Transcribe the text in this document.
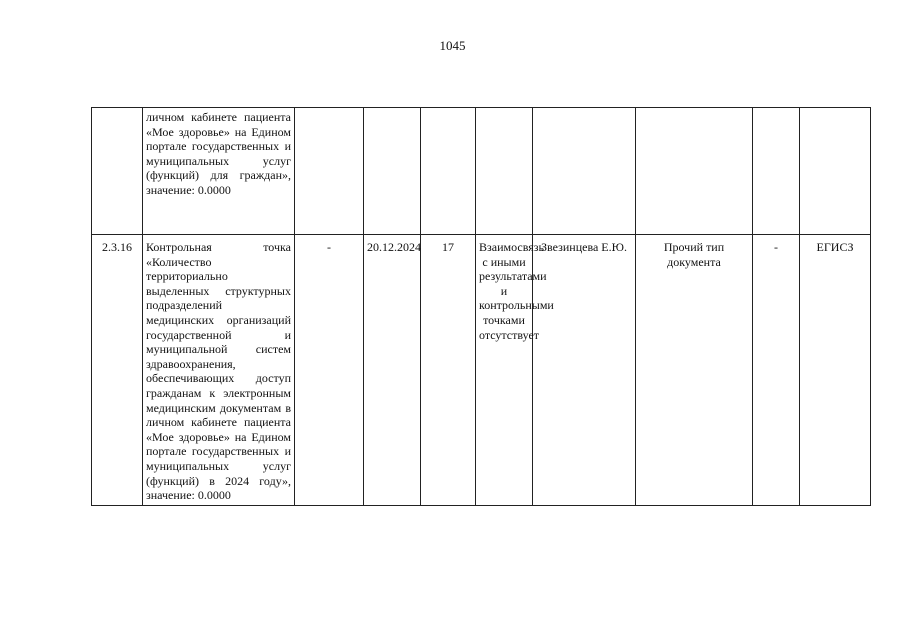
1045
	личном кабинете пациента «Мое здоровье» на Едином портале государственных и муниципальных услуг (функций) для граждан», значение: 0.0000								
2.3.16	Контрольная точка «Количество территориально выделенных структурных подразделений медицинских организаций государственной и муниципальной систем здравоохранения, обеспечивающих доступ гражданам к электронным медицинским документам в личном кабинете пациента «Мое здоровье» на Едином портале государственных и муниципальных услуг (функций) в 2024 году», значение: 0.0000	-	20.12.2024	17	Взаимосвязь с иными результатами и контрольными точками отсутствует	Звезинцева Е.Ю.	Прочий тип документа	-	ЕГИСЗ
